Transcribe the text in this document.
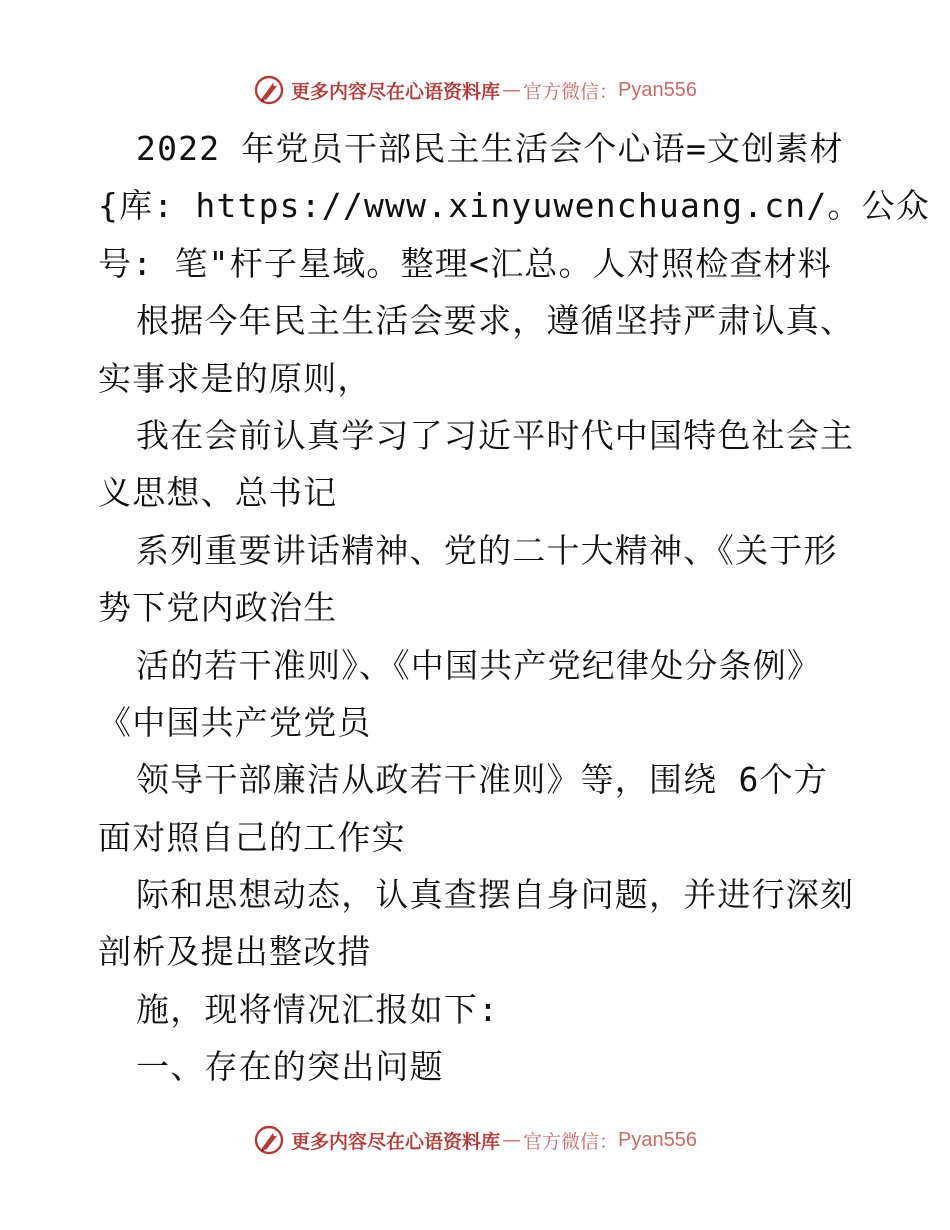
更多内容尽在心语资料库 — 官方微信： Pyan556
2022 年党员干部民主生活会个心语=文创素材
{库: https://www.xinyuwenchuang.cn/。公众
号: 笔"杆子星域。整理<汇总。人对照检查材料
根据今年民主生活会要求，遵循坚持严肃认真、
实事求是的原则，
我在会前认真学习了习近平时代中国特色社会主
义思想、总书记
系列重要讲话精神、党的二十大精神、《关于形
势下党内政治生
活的若干准则》、《中国共产党纪律处分条例》
《中国共产党党员
领导干部廉洁从政若干准则》等，围绕 6个方
面对照自己的工作实
际和思想动态，认真查摆自身问题，并进行深刻
剖析及提出整改措
施，现将情况汇报如下:
一、存在的突出问题
更多内容尽在心语资料库 — 官方微信： Pyan556
